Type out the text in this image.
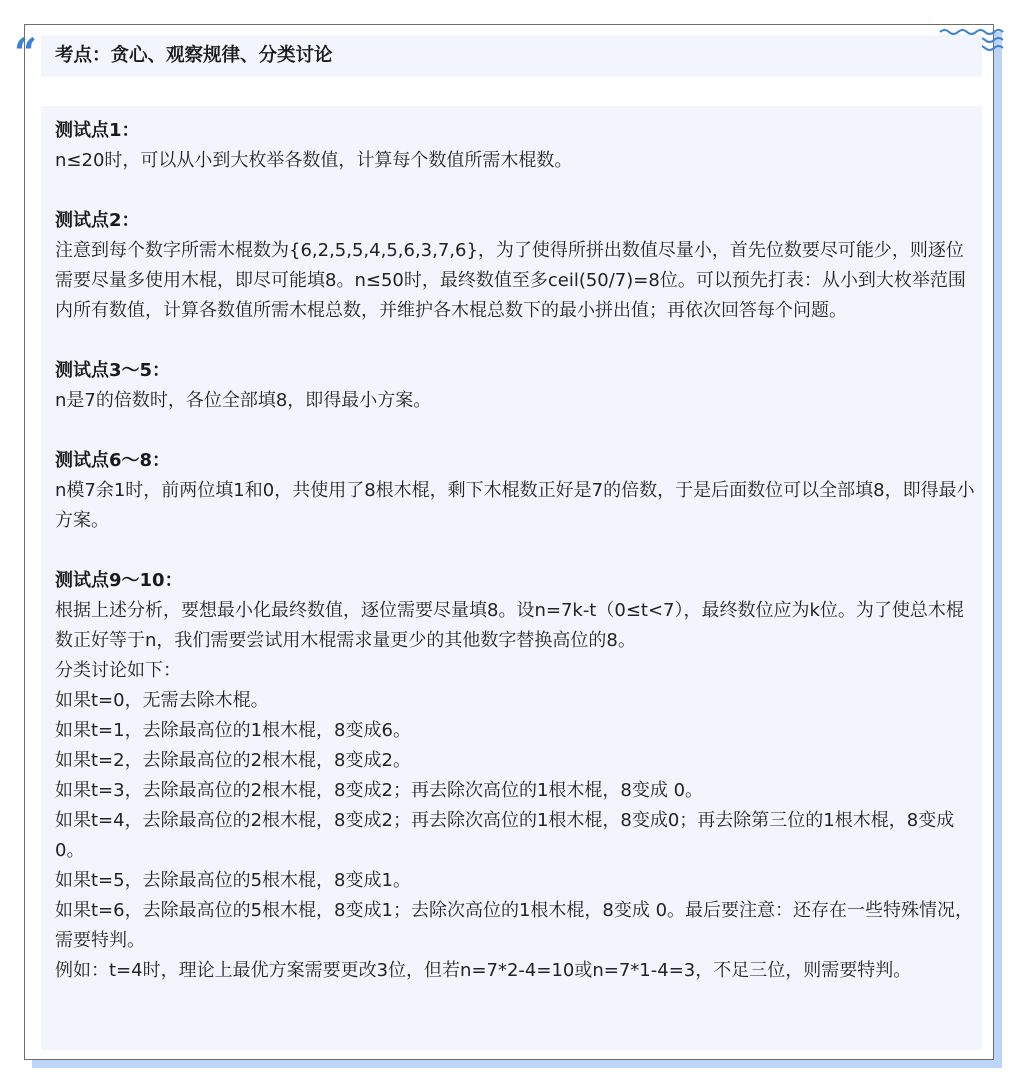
考点：贪心、观察规律、分类讨论
“
测试点1：
n≤20时，可以从小到大枚举各数值，计算每个数值所需木棍数。
测试点2：
注意到每个数字所需木棍数为{6,2,5,5,4,5,6,3,7,6}，为了使得所拼出数值尽量小，首先位数要尽可能少，则逐位需要尽量多使用木棍，即尽可能填8。n≤50时，最终数值至多ceil(50/7)=8位。可以预先打表：从小到大枚举范围内所有数值，计算各数值所需木棍总数，并维护各木棍总数下的最小拼出值；再依次回答每个问题。
测试点3～5：
n是7的倍数时，各位全部填8，即得最小方案。
测试点6～8：
n模7余1时，前两位填1和0，共使用了8根木棍，剩下木棍数正好是7的倍数，于是后面数位可以全部填8，即得最小方案。
测试点9～10：
根据上述分析，要想最小化最终数值，逐位需要尽量填8。设n=7k-t（0≤t<7），最终数位应为k位。为了使总木棍数正好等于n，我们需要尝试用木棍需求量更少的其他数字替换高位的8。
分类讨论如下：
如果t=0，无需去除木棍。
如果t=1，去除最高位的1根木棍，8变成6。
如果t=2，去除最高位的2根木棍，8变成2。
如果t=3，去除最高位的2根木棍，8变成2；再去除次高位的1根木棍，8变成 0。
如果t=4，去除最高位的2根木棍，8变成2；再去除次高位的1根木棍，8变成0；再去除第三位的1根木棍，8变成 0。
如果t=5，去除最高位的5根木棍，8变成1。
如果t=6，去除最高位的5根木棍，8变成1；去除次高位的1根木棍，8变成 0。最后要注意：还存在一些特殊情况，需要特判。
例如：t=4时，理论上最优方案需要更改3位，但若n=7*2-4=10或n=7*1-4=3，不足三位，则需要特判。
